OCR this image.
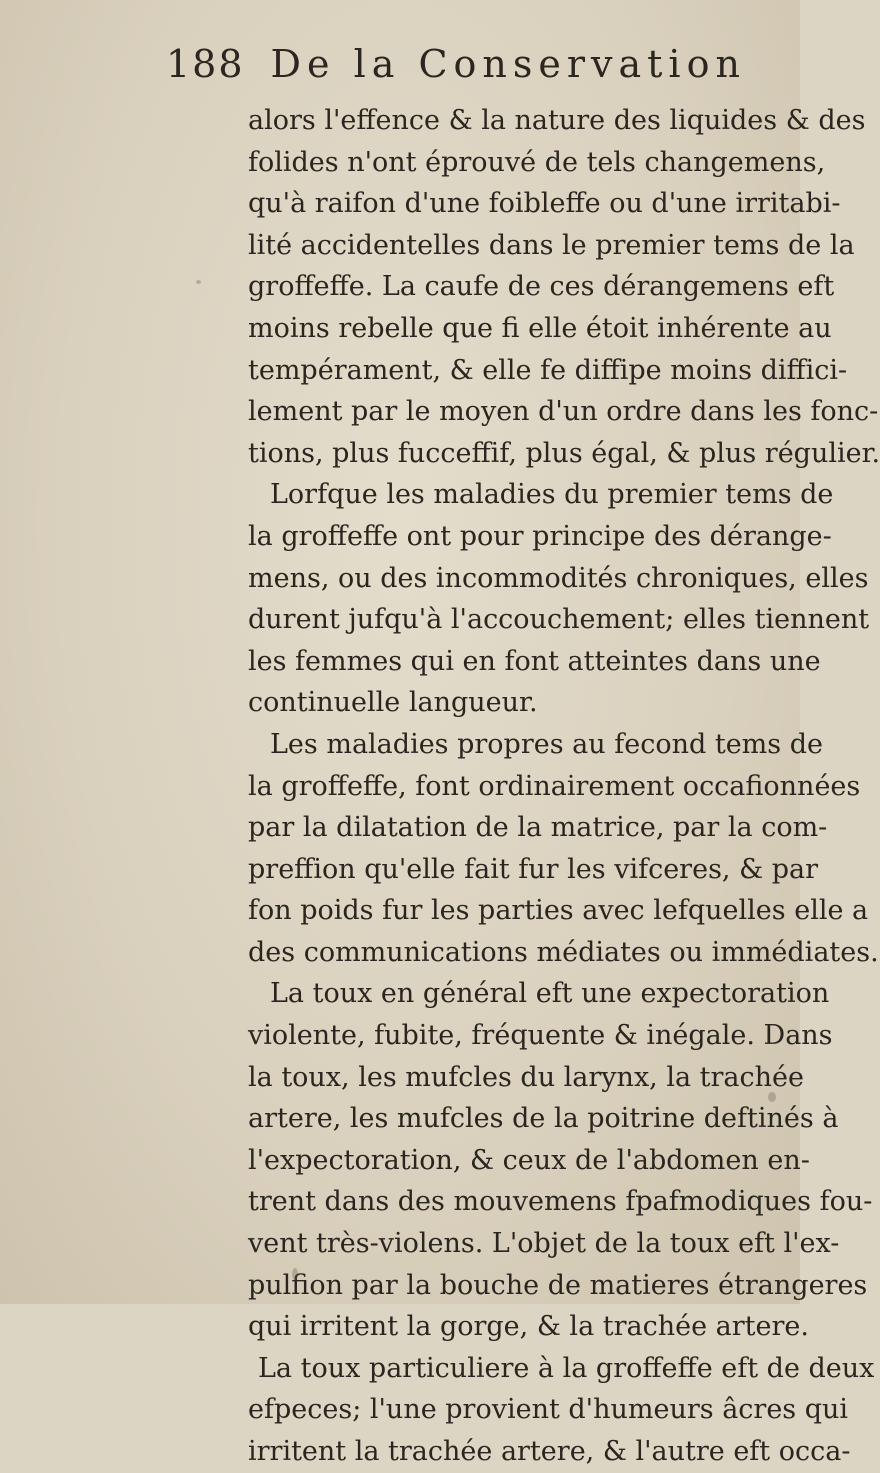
188 De la Conservation
alors l'effence & la nature des liquides & des
folides n'ont éprouvé de tels changemens,
qu'à raifon d'une foibleffe ou d'une irritabi-
lité accidentelles dans le premier tems de la
groffeffe. La caufe de ces dérangemens eft
moins rebelle que fi elle étoit inhérente au
tempérament, & elle fe diffipe moins diffici-
lement par le moyen d'un ordre dans les fonc-
tions, plus fucceffif, plus égal, & plus régulier.
Lorfque les maladies du premier tems de
la groffeffe ont pour principe des dérange-
mens, ou des incommodités chroniques, elles
durent jufqu'à l'accouchement; elles tiennent
les femmes qui en font atteintes dans une
continuelle langueur.
Les maladies propres au fecond tems de
la groffeffe, font ordinairement occafionnées
par la dilatation de la matrice, par la com-
preffion qu'elle fait fur les vifceres, & par
fon poids fur les parties avec lefquelles elle a
des communications médiates ou immédiates.
La toux en général eft une expectoration
violente, fubite, fréquente & inégale. Dans
la toux, les mufcles du larynx, la trachée
artere, les mufcles de la poitrine deftinés à
l'expectoration, & ceux de l'abdomen en-
trent dans des mouvemens fpafmodiques fou-
vent très-violens. L'objet de la toux eft l'ex-
pulfion par la bouche de matieres étrangeres
qui irritent la gorge, & la trachée artere.
La toux particuliere à la groffeffe eft de deux
efpeces; l'une provient d'humeurs âcres qui
irritent la trachée artere, & l'autre eft occa-
